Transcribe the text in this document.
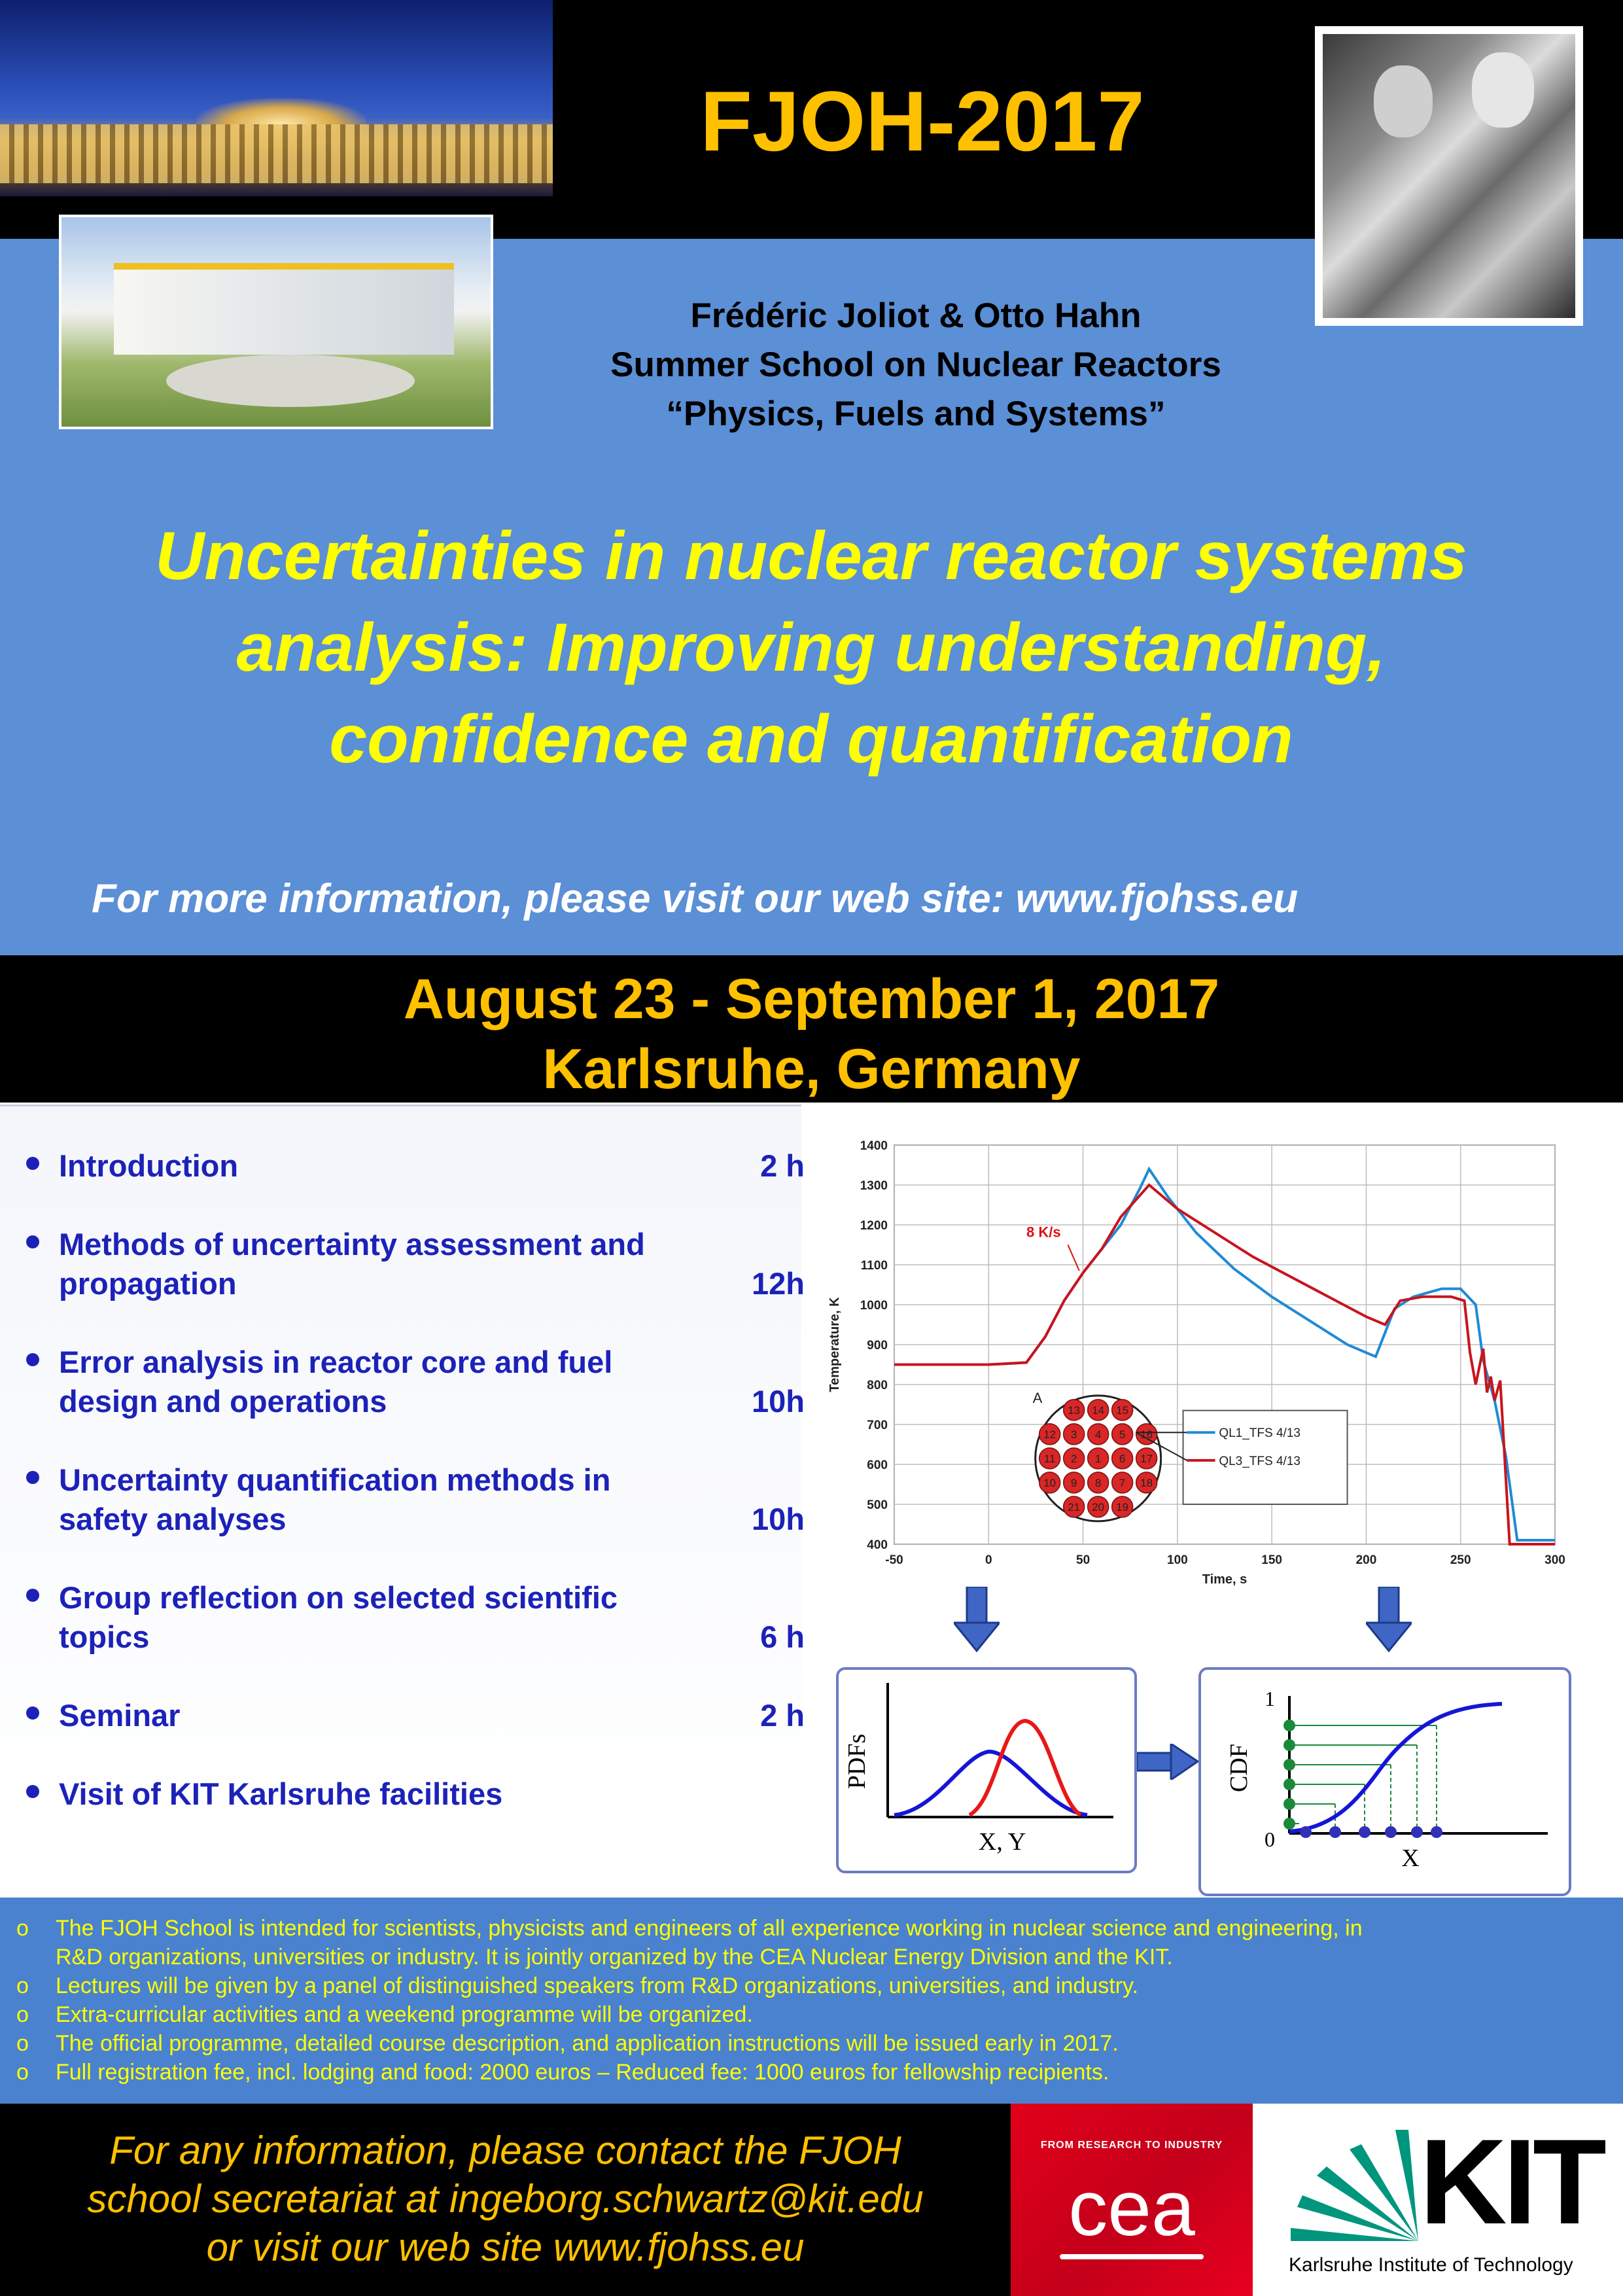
FJOH-2017
Frédéric Joliot & Otto Hahn
Summer School on Nuclear Reactors
“Physics, Fuels and Systems”
Uncertainties in nuclear reactor systems
analysis: Improving understanding,
confidence and quantification
For more information, please visit our web site: www.fjohss.eu
August 23 - September 1, 2017
Karlsruhe, Germany
Introduction	2 h
Methods of uncertainty assessment and
propagation	12h
Error analysis in reactor core and fuel
design and operations	10h
Uncertainty quantification methods in
safety analyses	10h
Group reflection on selected scientific
topics	6 h
Seminar	2 h
Visit of KIT Karlsruhe facilities
400
500
600
700
800
900
1000
1100
1200
1300
1400
-50	0	50	100	150	200	250	300
Time, s
Temperature, K
8 K/s
QL1_TFS 4/13
QL3_TFS 4/13
A
13 14 15
12 3 4 5 16
11 2 1 6 17
10 9 8 7 18
21 20 19
PDFs
X, Y
1
0
CDF
X
o The FJOH School is intended for scientists, physicists and engineers of all experience working in nuclear science and engineering, in
R&D organizations, universities or industry. It is jointly organized by the CEA Nuclear Energy Division and the KIT.
o Lectures will be given by a panel of distinguished speakers from R&D organizations, universities, and industry.
o Extra-curricular activities and a weekend programme will be organized.
o The official programme, detailed course description, and application instructions will be issued early in 2017.
o Full registration fee, incl. lodging and food: 2000 euros – Reduced fee: 1000 euros for fellowship recipients.
For any information, please contact the FJOH
school secretariat at ingeborg.schwartz@kit.edu
or visit our web site www.fjohss.eu
FROM RESEARCH TO INDUSTRY
cea	KIT
Karlsruhe Institute of Technology
